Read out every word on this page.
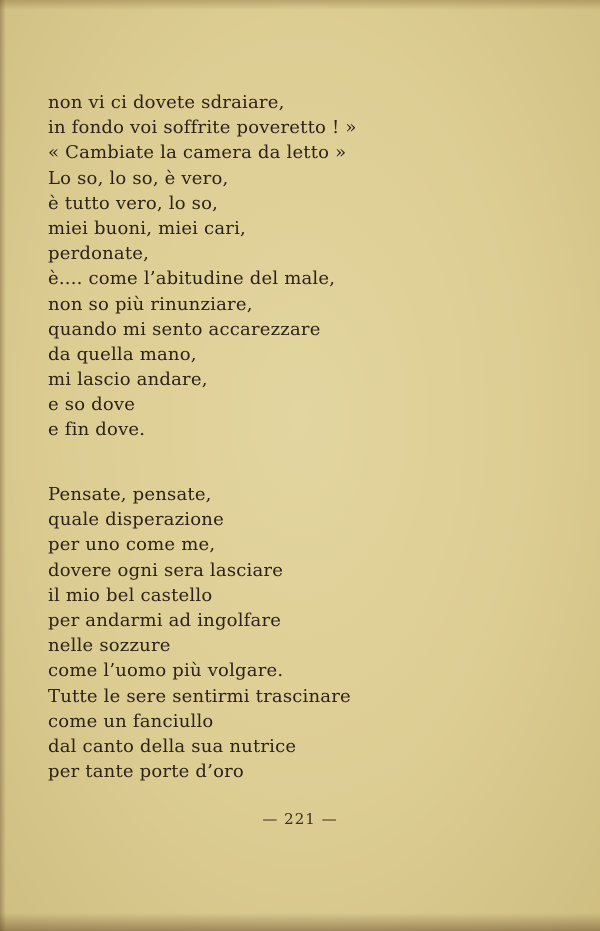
non vi ci dovete sdraiare,
in fondo voi soffrite poveretto ! »
« Cambiate la camera da letto »
Lo so, lo so, è vero,
è tutto vero, lo so,
miei buoni, miei cari,
perdonate,
è.... come l’abitudine del male,
non so più rinunziare,
quando mi sento accarezzare
da quella mano,
mi lascio andare,
e so dove
e fin dove.
Pensate, pensate,
quale disperazione
per uno come me,
dovere ogni sera lasciare
il mio bel castello
per andarmi ad ingolfare
nelle sozzure
come l’uomo più volgare.
Tutte le sere sentirmi trascinare
come un fanciullo
dal canto della sua nutrice
per tante porte d’oro
— 221 —
